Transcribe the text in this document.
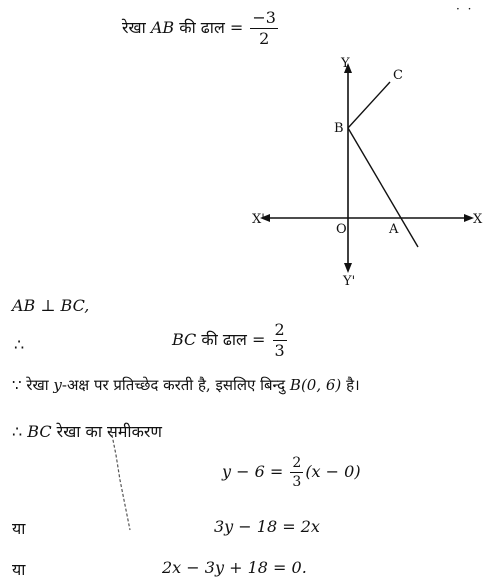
रेखा AB की ढाल = $\frac{-3}{2}$
· ·
Y
C
B
X'	X
O	A
Y'
AB ⊥ BC,
∴	BC की ढाल = $\frac{2}{3}$
∵ रेखा y-अक्ष पर प्रतिच्छेद करती है, इसलिए बिन्दु B(0, 6) है।
∴ BC रेखा का समीकरण
$y - 6 = \frac{2}{3} (x - 0)$
या	3y − 18 = 2x
या	2x − 3y + 18 = 0.
